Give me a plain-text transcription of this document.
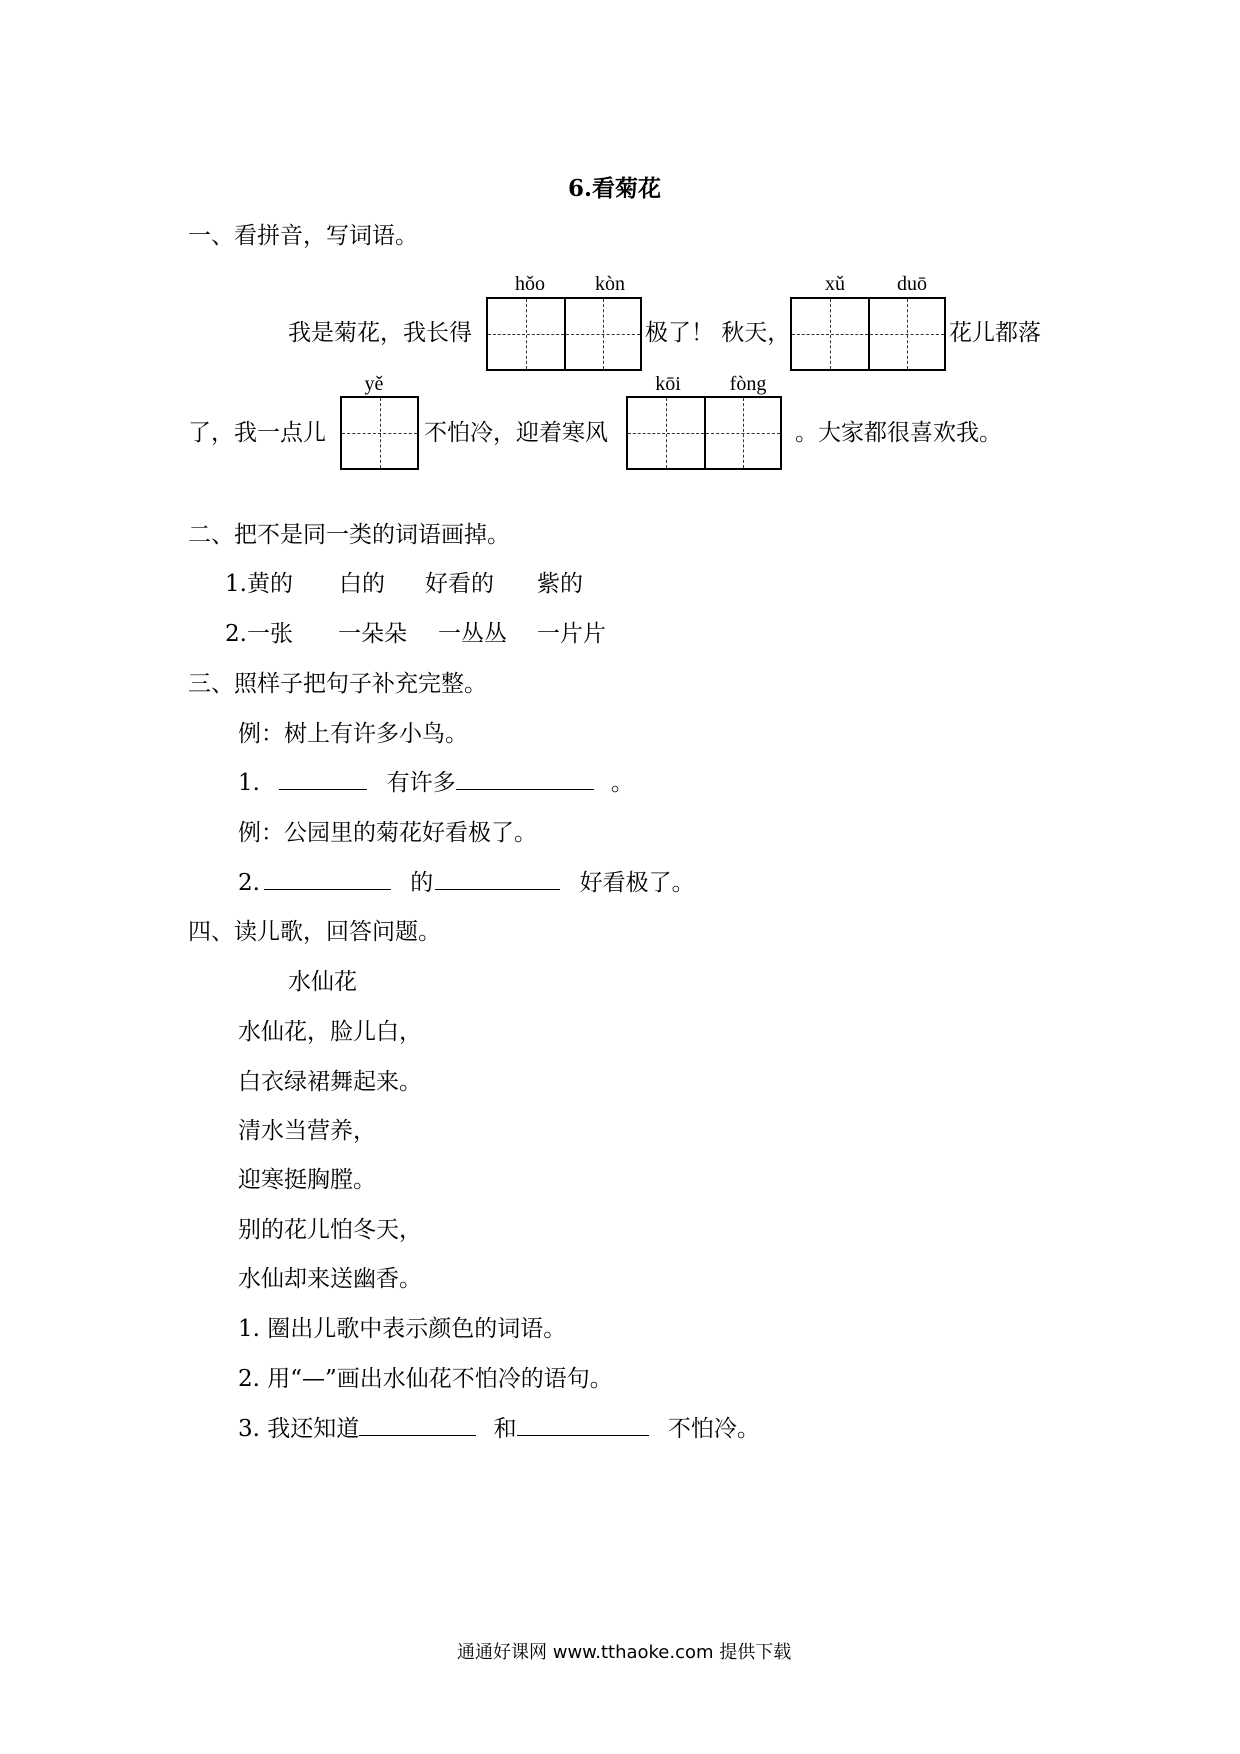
6.看菊花
一、看拼音，写词语。
hǒo	kòn	xǔ	duō
我是菊花，我长得	极了！ 秋天，	花儿都落
yě	kōi	fòng
了，我一点儿	不怕冷，迎着寒风	。大家都很喜欢我。
二、把不是同一类的词语画掉。
1.黄的 白的 好看的 紫的
2.一张 一朵朵 一丛丛 一片片
三、照样子把句子补充完整。
例：树上有许多小鸟。
1.	有许多	。
例：公园里的菊花好看极了。
2.	的	好看极了。
四、读儿歌，回答问题。
水仙花
水仙花，脸儿白，
白衣绿裙舞起来。
清水当营养，
迎寒挺胸膛。
别的花儿怕冬天，
水仙却来送幽香。
1. 圈出儿歌中表示颜色的词语。
2. 用“—”画出水仙花不怕冷的语句。
3. 我还知道	和	不怕冷。
通通好课网 www.tthaoke.com 提供下载
